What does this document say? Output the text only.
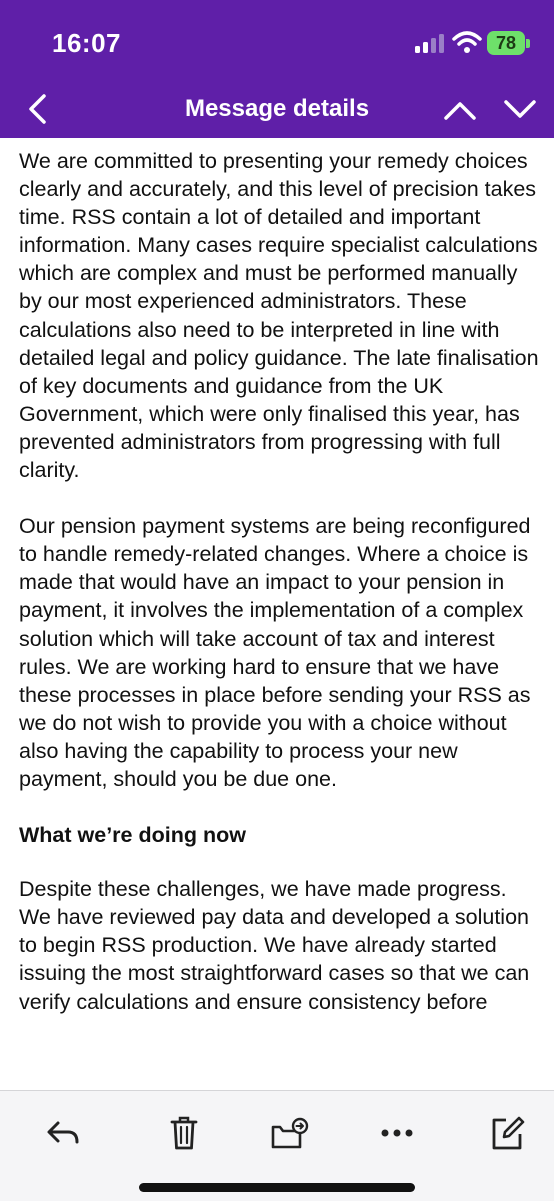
16:07	78
Message details

We are committed to presenting your remedy choices clearly and accurately, and this level of precision takes time. RSS contain a lot of detailed and important information. Many cases require specialist calculations which are complex and must be performed manually by our most experienced administrators. These calculations also need to be interpreted in line with detailed legal and policy guidance. The late finalisation of key documents and guidance from the UK Government, which were only finalised this year, has prevented administrators from progressing with full clarity.

Our pension payment systems are being reconfigured to handle remedy-related changes. Where a choice is made that would have an impact to your pension in payment, it involves the implementation of a complex solution which will take account of tax and interest rules. We are working hard to ensure that we have these processes in place before sending your RSS as we do not wish to provide you with a choice without also having the capability to process your new payment, should you be due one.

What we’re doing now

Despite these challenges, we have made progress. We have reviewed pay data and developed a solution to begin RSS production. We have already started issuing the most straightforward cases so that we can verify calculations and ensure consistency before
